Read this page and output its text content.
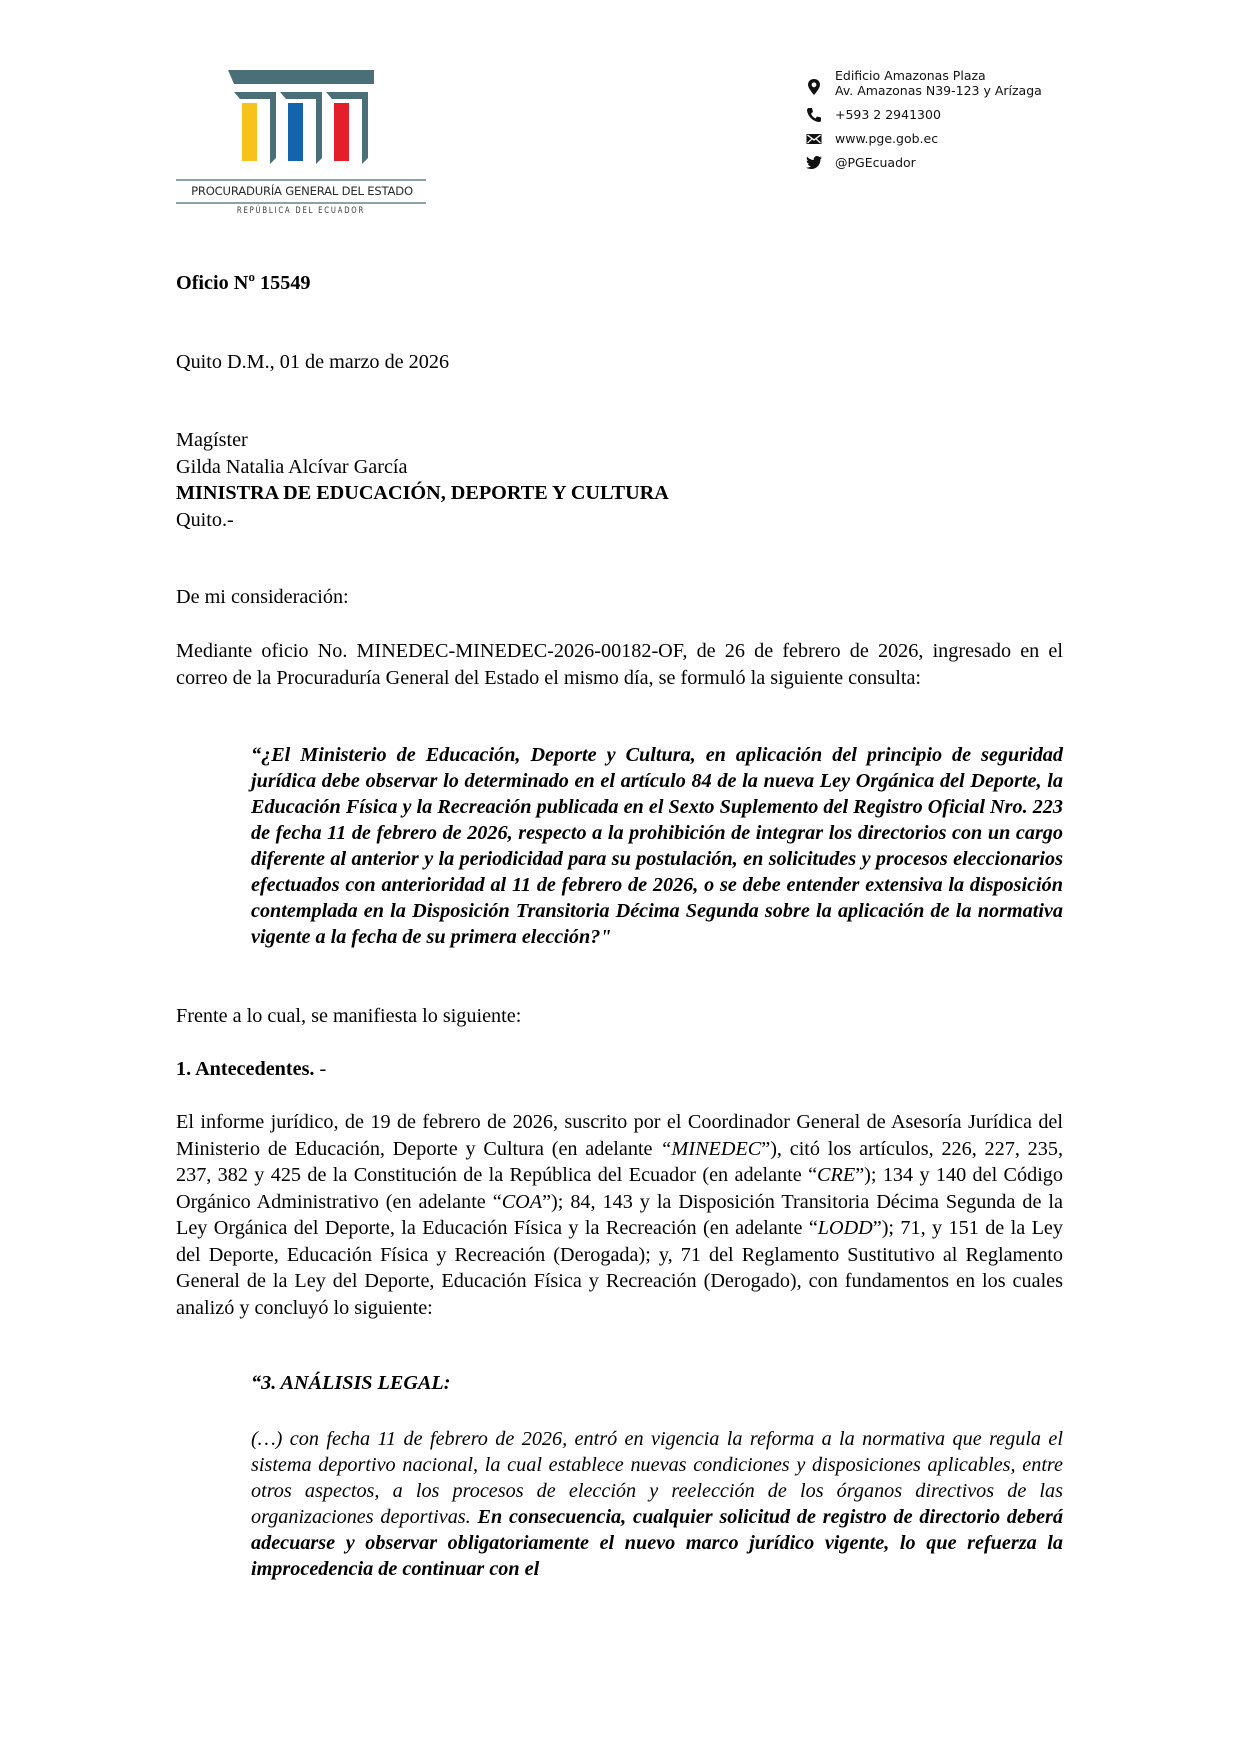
PROCURADURÍA GENERAL DEL ESTADO
REPÚBLICA DEL ECUADOR
Edificio Amazonas Plaza
Av. Amazonas N39-123 y Arízaga
+593 2 2941300
www.pge.gob.ec
@PGEcuador

Oficio Nº 15549

Quito D.M., 01 de marzo de 2026

Magíster

Gilda Natalia Alcívar García

MINISTRA DE EDUCACIÓN, DEPORTE Y CULTURA

Quito.-

De mi consideración:

Mediante oficio No. MINEDEC-MINEDEC-2026-00182-OF, de 26 de febrero de 2026, ingresado en el correo de la Procuraduría General del Estado el mismo día, se formuló la siguiente consulta:

“¿El Ministerio de Educación, Deporte y Cultura, en aplicación del principio de seguridad jurídica debe observar lo determinado en el artículo 84 de la nueva Ley Orgánica del Deporte, la Educación Física y la Recreación publicada en el Sexto Suplemento del Registro Oficial Nro. 223 de fecha 11 de febrero de 2026, respecto a la prohibición de integrar los directorios con un cargo diferente al anterior y la periodicidad para su postulación, en solicitudes y procesos eleccionarios efectuados con anterioridad al 11 de febrero de 2026, o se debe entender extensiva la disposición contemplada en la Disposición Transitoria Décima Segunda sobre la aplicación de la normativa vigente a la fecha de su primera elección?"

Frente a lo cual, se manifiesta lo siguiente:

1. Antecedentes. -

El informe jurídico, de 19 de febrero de 2026, suscrito por el Coordinador General de Asesoría Jurídica del Ministerio de Educación, Deporte y Cultura (en adelante “MINEDEC”), citó los artículos, 226, 227, 235, 237, 382 y 425 de la Constitución de la República del Ecuador (en adelante “CRE”); 134 y 140 del Código Orgánico Administrativo (en adelante “COA”); 84, 143 y la Disposición Transitoria Décima Segunda de la Ley Orgánica del Deporte, la Educación Física y la Recreación (en adelante “LODD”); 71, y 151 de la Ley del Deporte, Educación Física y Recreación (Derogada); y, 71 del Reglamento Sustitutivo al Reglamento General de la Ley del Deporte, Educación Física y Recreación (Derogado), con fundamentos en los cuales analizó y concluyó lo siguiente:

“3. ANÁLISIS LEGAL:

(…) con fecha 11 de febrero de 2026, entró en vigencia la reforma a la normativa que regula el sistema deportivo nacional, la cual establece nuevas condiciones y disposiciones aplicables, entre otros aspectos, a los procesos de elección y reelección de los órganos directivos de las organizaciones deportivas. En consecuencia, cualquier solicitud de registro de directorio deberá adecuarse y observar obligatoriamente el nuevo marco jurídico vigente, lo que refuerza la improcedencia de continuar con el
